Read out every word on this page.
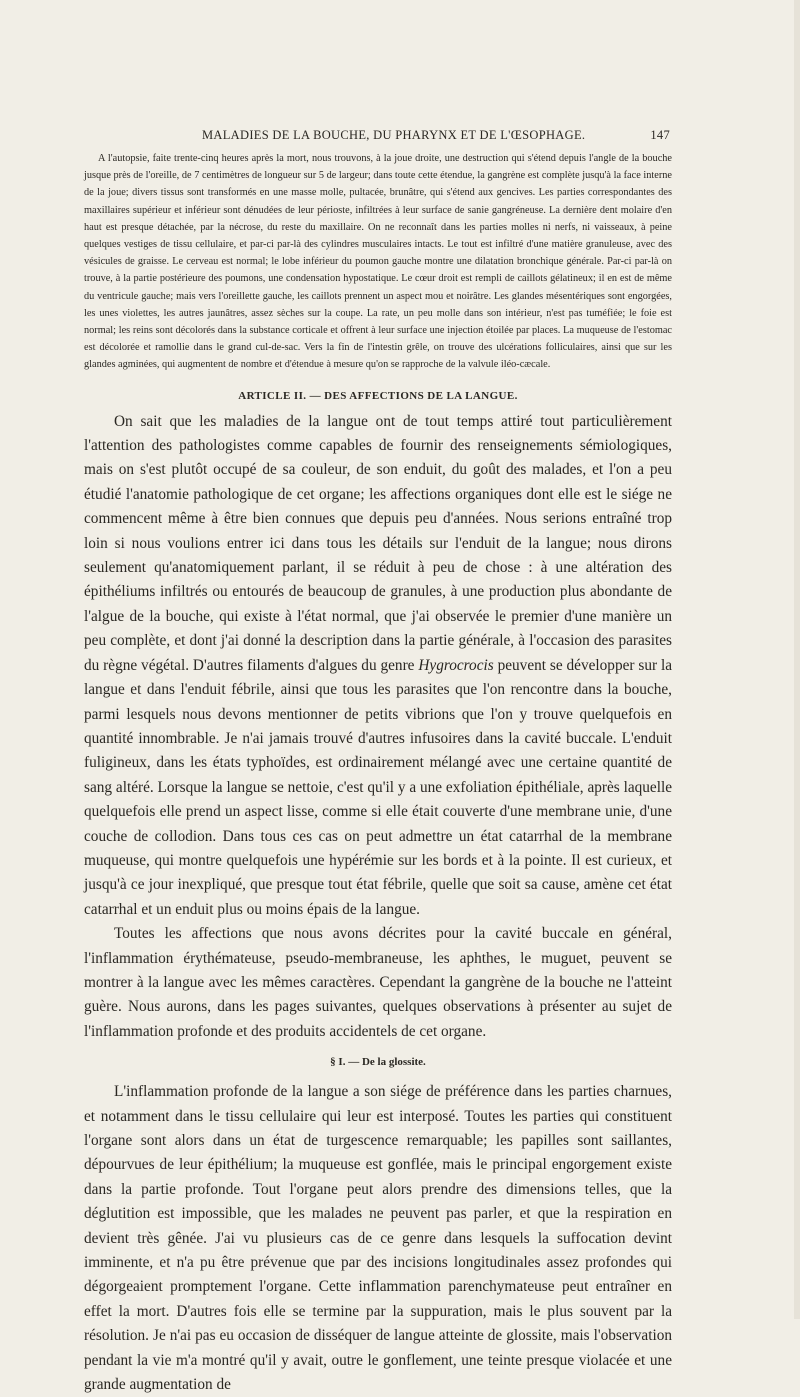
MALADIES DE LA BOUCHE, DU PHARYNX ET DE L'ŒSOPHAGE.	147

A l'autopsie, faite trente-cinq heures après la mort, nous trouvons, à la joue droite, une destruction qui s'étend depuis l'angle de la bouche jusque près de l'oreille, de 7 centimètres de longueur sur 5 de largeur; dans toute cette étendue, la gangrène est complète jusqu'à la face interne de la joue; divers tissus sont transformés en une masse molle, pultacée, brunâtre, qui s'étend aux gencives. Les parties correspondantes des maxillaires supérieur et inférieur sont dénudées de leur périoste, infiltrées à leur surface de sanie gangréneuse. La dernière dent molaire d'en haut est presque détachée, par la nécrose, du reste du maxillaire. On ne reconnaît dans les parties molles ni nerfs, ni vaisseaux, à peine quelques vestiges de tissu cellulaire, et par-ci par-là des cylindres musculaires intacts. Le tout est infiltré d'une matière granuleuse, avec des vésicules de graisse. Le cerveau est normal; le lobe inférieur du poumon gauche montre une dilatation bronchique générale. Par-ci par-là on trouve, à la partie postérieure des poumons, une condensation hypostatique. Le cœur droit est rempli de caillots gélatineux; il en est de même du ventricule gauche; mais vers l'oreillette gauche, les caillots prennent un aspect mou et noirâtre. Les glandes mésentériques sont engorgées, les unes violettes, les autres jaunâtres, assez sèches sur la coupe. La rate, un peu molle dans son intérieur, n'est pas tuméfiée; le foie est normal; les reins sont décolorés dans la substance corticale et offrent à leur surface une injection étoilée par places. La muqueuse de l'estomac est décolorée et ramollie dans le grand cul-de-sac. Vers la fin de l'intestin grêle, on trouve des ulcérations folliculaires, ainsi que sur les glandes agminées, qui augmentent de nombre et d'étendue à mesure qu'on se rapproche de la valvule iléo-cæcale.

ARTICLE II. — DES AFFECTIONS DE LA LANGUE.

On sait que les maladies de la langue ont de tout temps attiré tout particulièrement l'attention des pathologistes comme capables de fournir des renseignements sémiologiques, mais on s'est plutôt occupé de sa couleur, de son enduit, du goût des malades, et l'on a peu étudié l'anatomie pathologique de cet organe; les affections organiques dont elle est le siége ne commencent même à être bien connues que depuis peu d'années. Nous serions entraîné trop loin si nous voulions entrer ici dans tous les détails sur l'enduit de la langue; nous dirons seulement qu'anatomiquement parlant, il se réduit à peu de chose : à une altération des épithéliums infiltrés ou entourés de beaucoup de granules, à une production plus abondante de l'algue de la bouche, qui existe à l'état normal, que j'ai observée le premier d'une manière un peu complète, et dont j'ai donné la description dans la partie générale, à l'occasion des parasites du règne végétal. D'autres filaments d'algues du genre Hygrocrocis peuvent se développer sur la langue et dans l'enduit fébrile, ainsi que tous les parasites que l'on rencontre dans la bouche, parmi lesquels nous devons mentionner de petits vibrions que l'on y trouve quelquefois en quantité innombrable. Je n'ai jamais trouvé d'autres infusoires dans la cavité buccale. L'enduit fuligineux, dans les états typhoïdes, est ordinairement mélangé avec une certaine quantité de sang altéré. Lorsque la langue se nettoie, c'est qu'il y a une exfoliation épithéliale, après laquelle quelquefois elle prend un aspect lisse, comme si elle était couverte d'une membrane unie, d'une couche de collodion. Dans tous ces cas on peut admettre un état catarrhal de la membrane muqueuse, qui montre quelquefois une hypérémie sur les bords et à la pointe. Il est curieux, et jusqu'à ce jour inexpliqué, que presque tout état fébrile, quelle que soit sa cause, amène cet état catarrhal et un enduit plus ou moins épais de la langue.

Toutes les affections que nous avons décrites pour la cavité buccale en général, l'inflammation érythémateuse, pseudo-membraneuse, les aphthes, le muguet, peuvent se montrer à la langue avec les mêmes caractères. Cependant la gangrène de la bouche ne l'atteint guère. Nous aurons, dans les pages suivantes, quelques observations à présenter au sujet de l'inflammation profonde et des produits accidentels de cet organe.

§ I. — De la glossite.

L'inflammation profonde de la langue a son siége de préférence dans les parties charnues, et notamment dans le tissu cellulaire qui leur est interposé. Toutes les parties qui constituent l'organe sont alors dans un état de turgescence remarquable; les papilles sont saillantes, dépourvues de leur épithélium; la muqueuse est gonflée, mais le principal engorgement existe dans la partie profonde. Tout l'organe peut alors prendre des dimensions telles, que la déglutition est impossible, que les malades ne peuvent pas parler, et que la respiration en devient très gênée. J'ai vu plusieurs cas de ce genre dans lesquels la suffocation devint imminente, et n'a pu être prévenue que par des incisions longitudinales assez profondes qui dégorgeaient promptement l'organe. Cette inflammation parenchymateuse peut entraîner en effet la mort. D'autres fois elle se termine par la suppuration, mais le plus souvent par la résolution. Je n'ai pas eu occasion de disséquer de langue atteinte de glossite, mais l'observation pendant la vie m'a montré qu'il y avait, outre le gonflement, une teinte presque violacée et une grande augmentation de
